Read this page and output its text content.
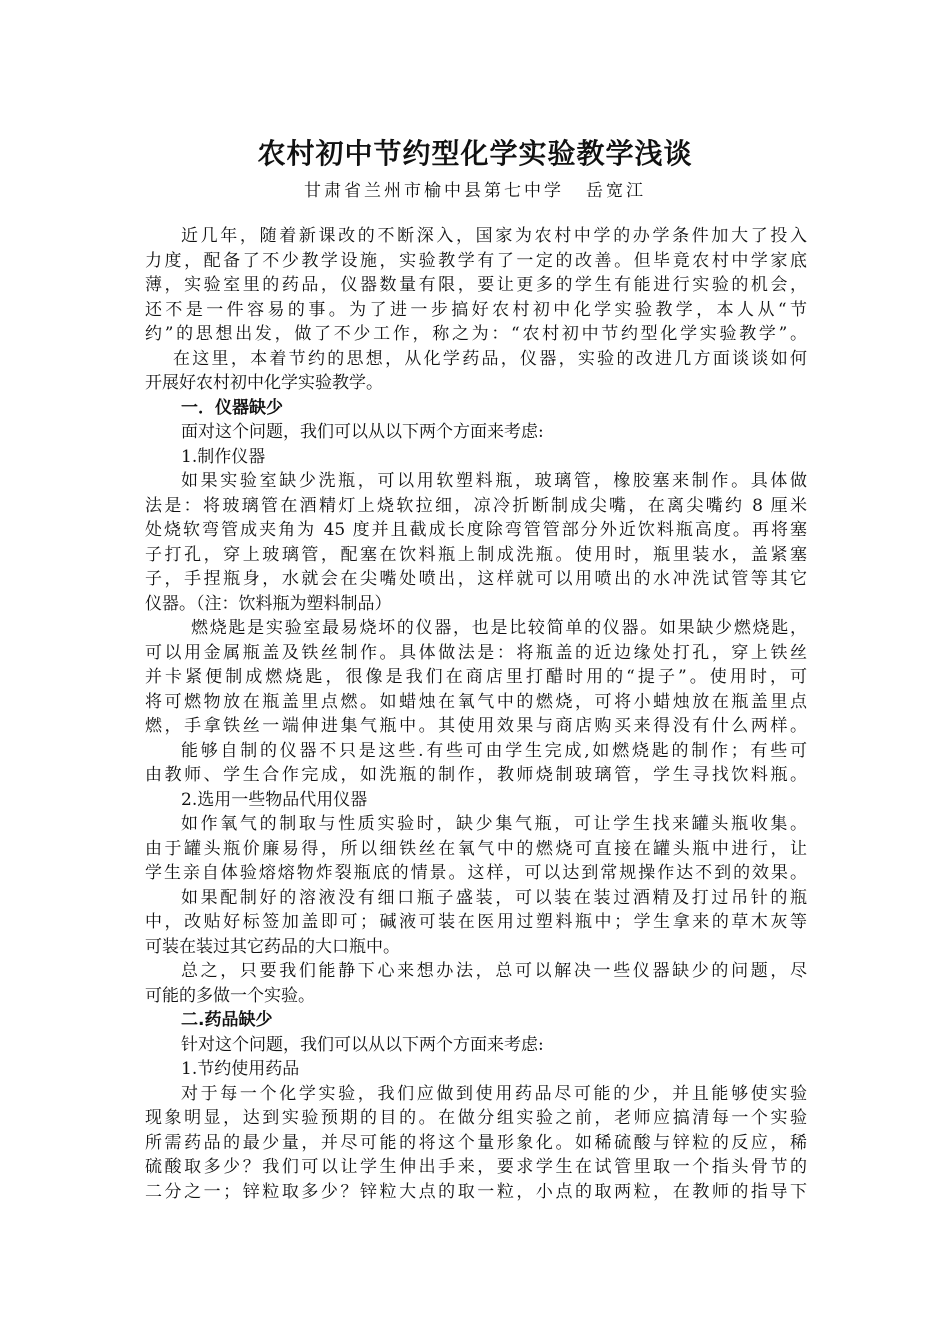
农村初中节约型化学实验教学浅谈
甘肃省兰州市榆中县第七中学 岳宽江
近几年，随着新课改的不断深入，国家为农村中学的办学条件加大了投入
力度，配备了不少教学设施，实验教学有了一定的改善。但毕竟农村中学家底
薄，实验室里的药品，仪器数量有限，要让更多的学生有能进行实验的机会，
还不是一件容易的事。为了进一步搞好农村初中化学实验教学，本人从“节
约”的思想出发，做了不少工作，称之为：“农村初中节约型化学实验教学”。
在这里，本着节约的思想，从化学药品，仪器，实验的改进几方面谈谈如何
开展好农村初中化学实验教学。
一．仪器缺少
面对这个问题，我们可以从以下两个方面来考虑:
1.制作仪器
如果实验室缺少洗瓶，可以用软塑料瓶，玻璃管，橡胶塞来制作。具体做
法是：将玻璃管在酒精灯上烧软拉细，凉冷折断制成尖嘴，在离尖嘴约 8 厘米
处烧软弯管成夹角为 45 度并且截成长度除弯管管部分外近饮料瓶高度。再将塞
子打孔，穿上玻璃管，配塞在饮料瓶上制成洗瓶。使用时，瓶里装水，盖紧塞
子，手捏瓶身，水就会在尖嘴处喷出，这样就可以用喷出的水冲洗试管等其它
仪器。（注：饮料瓶为塑料制品）
燃烧匙是实验室最易烧坏的仪器，也是比较简单的仪器。如果缺少燃烧匙，
可以用金属瓶盖及铁丝制作。具体做法是：将瓶盖的近边缘处打孔，穿上铁丝
并卡紧便制成燃烧匙，很像是我们在商店里打醋时用的“提子”。使用时，可
将可燃物放在瓶盖里点燃。如蜡烛在氧气中的燃烧，可将小蜡烛放在瓶盖里点
燃，手拿铁丝一端伸进集气瓶中。其使用效果与商店购买来得没有什么两样。
能够自制的仪器不只是这些.有些可由学生完成,如燃烧匙的制作；有些可
由教师、学生合作完成，如洗瓶的制作，教师烧制玻璃管，学生寻找饮料瓶。
2.选用一些物品代用仪器
如作氧气的制取与性质实验时，缺少集气瓶，可让学生找来罐头瓶收集。
由于罐头瓶价廉易得，所以细铁丝在氧气中的燃烧可直接在罐头瓶中进行，让
学生亲自体验熔熔物炸裂瓶底的情景。这样，可以达到常规操作达不到的效果。
如果配制好的溶液没有细口瓶子盛装，可以装在装过酒精及打过吊针的瓶
中，改贴好标签加盖即可；碱液可装在医用过塑料瓶中；学生拿来的草木灰等
可装在装过其它药品的大口瓶中。
总之，只要我们能静下心来想办法，总可以解决一些仪器缺少的问题，尽
可能的多做一个实验。
二.药品缺少
针对这个问题，我们可以从以下两个方面来考虑:
1.节约使用药品
对于每一个化学实验，我们应做到使用药品尽可能的少，并且能够使实验
现象明显，达到实验预期的目的。在做分组实验之前，老师应搞清每一个实验
所需药品的最少量，并尽可能的将这个量形象化。如稀硫酸与锌粒的反应，稀
硫酸取多少？我们可以让学生伸出手来，要求学生在试管里取一个指头骨节的
二分之一；锌粒取多少？锌粒大点的取一粒，小点的取两粒，在教师的指导下
